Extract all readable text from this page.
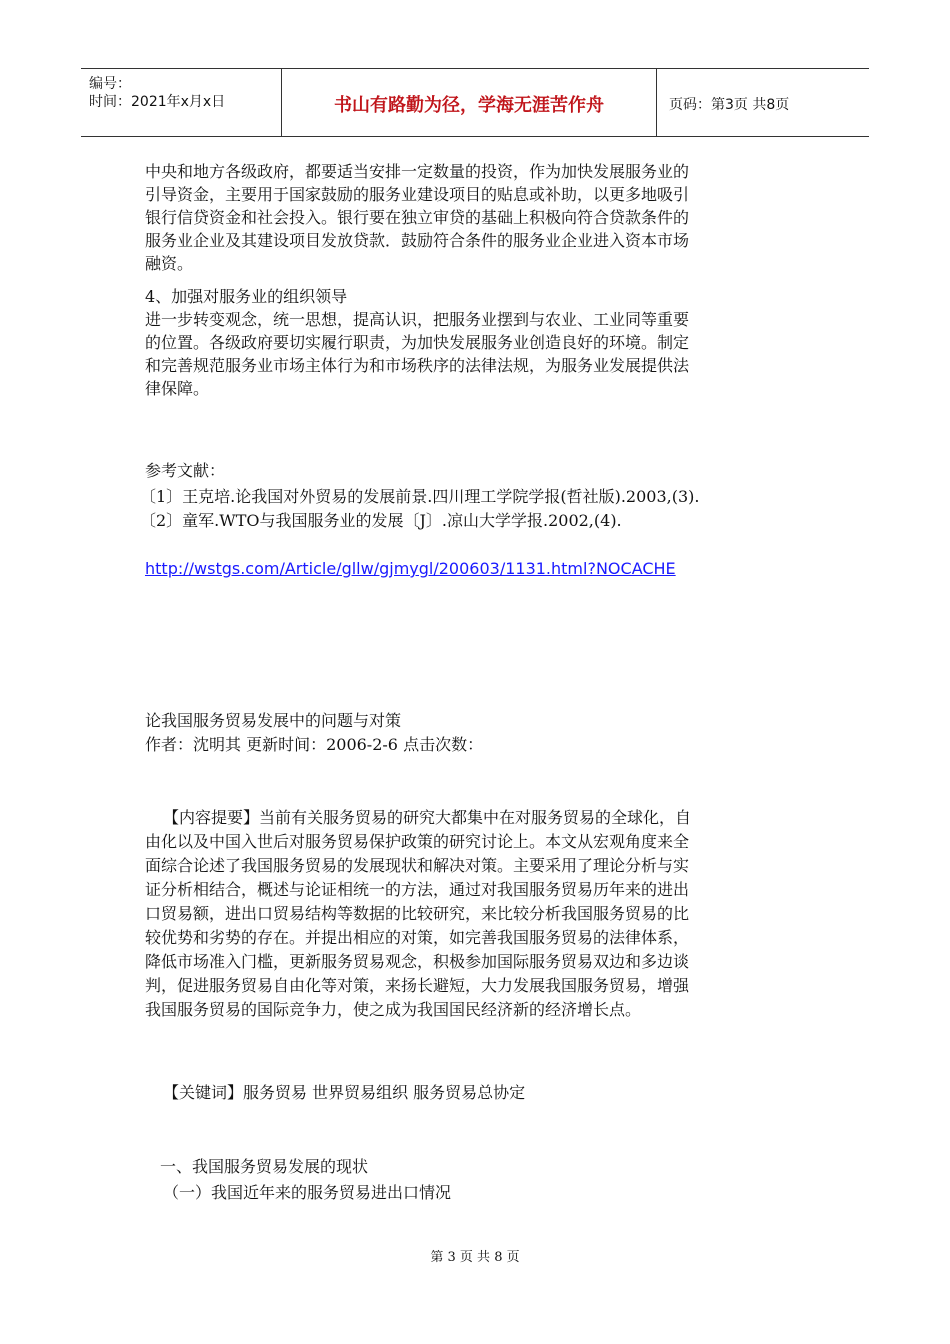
编号：
时间：2021年x月x日	书山有路勤为径，学海无涯苦作舟	页码：第3页 共8页
中央和地方各级政府，都要适当安排一定数量的投资，作为加快发展服务业的
引导资金，主要用于国家鼓励的服务业建设项目的贴息或补助，以更多地吸引
银行信贷资金和社会投入。银行要在独立审贷的基础上积极向符合贷款条件的
服务业企业及其建设项目发放贷款．鼓励符合条件的服务业企业进入资本市场
融资。
4、加强对服务业的组织领导
进一步转变观念，统一思想，提高认识，把服务业摆到与农业、工业同等重要
的位置。各级政府要切实履行职责，为加快发展服务业创造良好的环境。制定
和完善规范服务业市场主体行为和市场秩序的法律法规，为服务业发展提供法
律保障。
参考文献：
〔1〕王克培.论我国对外贸易的发展前景.四川理工学院学报(哲社版).2003,(3).
〔2〕童军.WTO与我国服务业的发展〔J〕.凉山大学学报.2002,(4).
http://wstgs.com/Article/gllw/gjmygl/200603/1131.html?NOCACHE
论我国服务贸易发展中的问题与对策
作者：沈明其 更新时间：2006-2-6 点击次数：
【内容提要】当前有关服务贸易的研究大都集中在对服务贸易的全球化，自
由化以及中国入世后对服务贸易保护政策的研究讨论上。本文从宏观角度来全
面综合论述了我国服务贸易的发展现状和解决对策。主要采用了理论分析与实
证分析相结合，概述与论证相统一的方法，通过对我国服务贸易历年来的进出
口贸易额，进出口贸易结构等数据的比较研究，来比较分析我国服务贸易的比
较优势和劣势的存在。并提出相应的对策，如完善我国服务贸易的法律体系，
降低市场准入门槛，更新服务贸易观念，积极参加国际服务贸易双边和多边谈
判，促进服务贸易自由化等对策，来扬长避短，大力发展我国服务贸易，增强
我国服务贸易的国际竞争力，使之成为我国国民经济新的经济增长点。
【关键词】服务贸易 世界贸易组织 服务贸易总协定
一、我国服务贸易发展的现状
（一）我国近年来的服务贸易进出口情况
第 3 页 共 8 页
